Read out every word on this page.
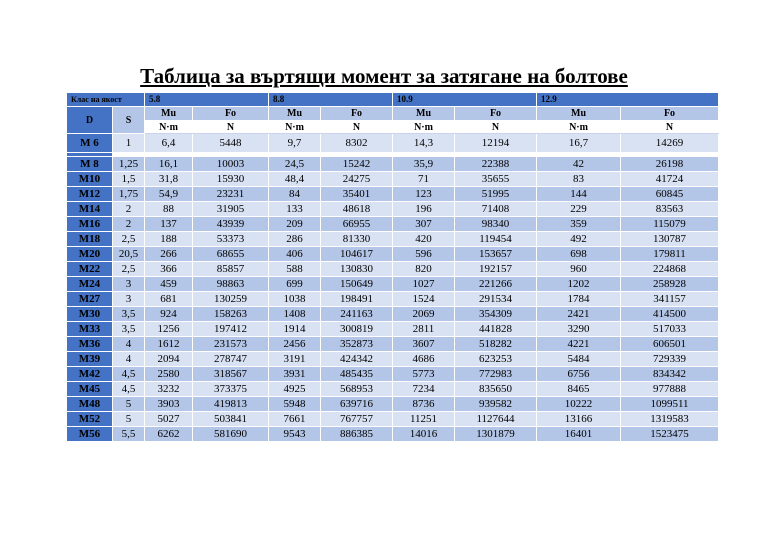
Таблица за въртящи момент за затягане на болтове
Клас на якост		5.8		8.8		10.9		12.9	
D	S	Mu	Fo	Mu	Fo	Mu	Fo	Mu	Fo
		N·m	N	N·m	N	N·m	N	N·m	N
M 6	1	6,4	5448	9,7	8302	14,3	12194	16,7	14269

M 8	1,25	16,1	10003	24,5	15242	35,9	22388	42	26198
M10	1,5	31,8	15930	48,4	24275	71	35655	83	41724
M12	1,75	54,9	23231	84	35401	123	51995	144	60845
M14	2	88	31905	133	48618	196	71408	229	83563
M16	2	137	43939	209	66955	307	98340	359	115079
M18	2,5	188	53373	286	81330	420	119454	492	130787
M20	20,5	266	68655	406	104617	596	153657	698	179811
M22	2,5	366	85857	588	130830	820	192157	960	224868
M24	3	459	98863	699	150649	1027	221266	1202	258928
M27	3	681	130259	1038	198491	1524	291534	1784	341157
M30	3,5	924	158263	1408	241163	2069	354309	2421	414500
M33	3,5	1256	197412	1914	300819	2811	441828	3290	517033
M36	4	1612	231573	2456	352873	3607	518282	4221	606501
M39	4	2094	278747	3191	424342	4686	623253	5484	729339
M42	4,5	2580	318567	3931	485435	5773	772983	6756	834342
M45	4,5	3232	373375	4925	568953	7234	835650	8465	977888
M48	5	3903	419813	5948	639716	8736	939582	10222	1099511
M52	5	5027	503841	7661	767757	11251	1127644	13166	1319583
M56	5,5	6262	581690	9543	886385	14016	1301879	16401	1523475
